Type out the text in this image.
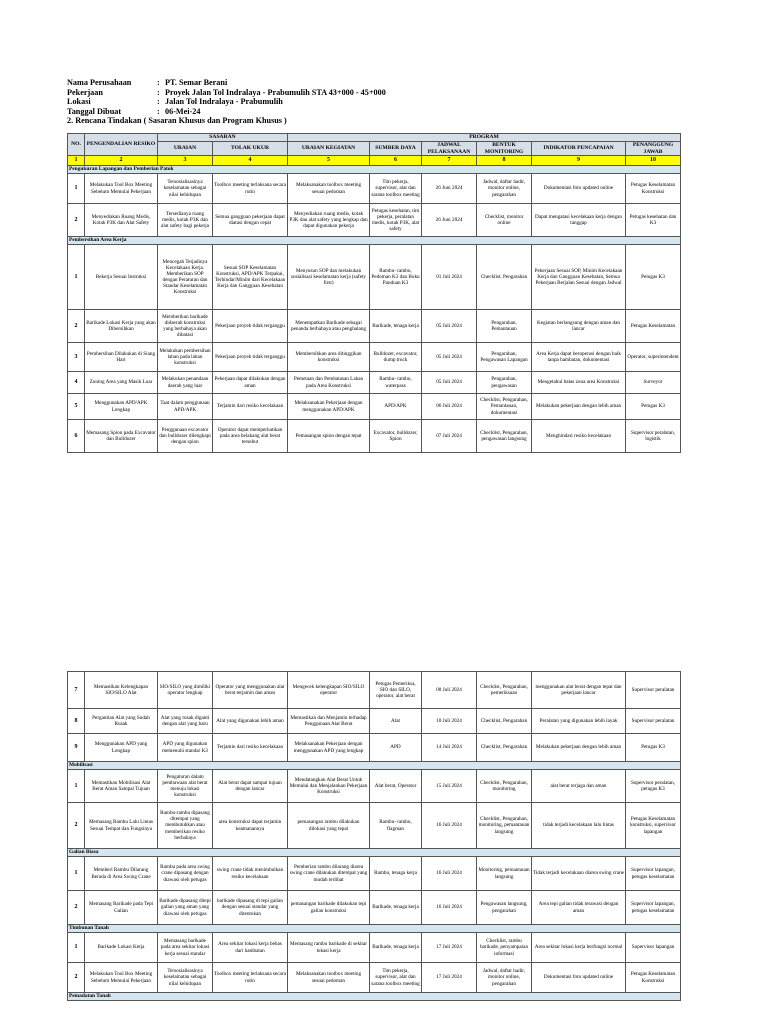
Nama Perusahaan	: PT. Semar Berani
Pekerjaan	: Proyek Jalan Tol Indralaya - Prabumulih STA 43+000 - 45+000
Lokasi	: Jalan Tol Indralaya - Prabumulih
Tanggal Dibuat	: 06-Mei-24
2. Rencana Tindakan ( Sasaran Khusus dan Program Khusus )
NO.	PENGENDALIAN RESIKO	SASARAN		PROGRAM					
		URAIAN	TOLAK UKUR	URAIAN KEGIATAN	SUMBER DAYA	JADWAL PELAKSANAAN	BENTUK MONITORING	INDIKATOR PENCAPAIAN	PENANGGUNG JAWAB
1	2	3	4	5	6	7	8	9	10
Pengukuran Lapangan dan Pemberian Patok									
1	Melakukan Tool Box Meeting Sebelum Memulai Pekerjaan	Tersosialisasinya keselamatan sebagai nilai kehidupan	Toolbox meeting terlaksana secara rutin	Melaksanakan toolbox meeting sesuai pedoman	Tim pekerja, supervisor, alat dan sarana toolbox meeting	26 Juni 2024	Jadwal, daftar hadir, monitor online, pengarahan	Dokumentasi foto updated online	Petugas Keselamatan Konstruksi
2	Menyediakan Ruang Medis, Kotak P3K dan Alat Safety	Tersedianya ruang medis, kotak P3K dan alat safety bagi pekerja	Semua gangguan pekerjaan dapat diatasi dengan cepat	Menyediakan ruang medis, kotak P3K dan alat safety yang lengkap dan dapat digunakan pekerja	Petugas kesehatan, tim pekerja, peralatan medis, kotak P3K, alat safety	26 Juni 2024	Checklist, monitor online	Dapat mengatasi kecelakaan kerja dengan tanggap	Petugas kesehatan dan K3
Pembersihan Area Kerja									
1	Bekerja Sesuai Instruksi	Mencegah Terjadinya Kecelakaan Kerja. Memberikan SOP dengan Peraturan dan Standar Keselamatan Konstruksi	Sesuai SOP Keselamatan Konstruksi, APD/APK Terpakai, Terhindar/Minim dari Kecelakaan Kerja dan Gangguan Kesehatan	Menyusun SOP dan melakukan sosialisasi keselamatan kerja (safety first)	Rambu- rambu, Pedoman K3 dan Buku Panduan K3	01 Juli 2024	Checklist, Pengarahan	Pekerjaan Sesuai SOP, Minim Kecelakaan Kerja dan Gangguan Kesehatan, Semua Pekerjaan Berjalan Sesuai dengan Jadwal	Petugas K3
2	Barikade Lokasi Kerja yang akan Dibersihkan	Memberikan barikade didaerah konstruksi yang berbahaya akan dibatasi	Pekerjaan proyek tidak terganggu	Menempatkan Barikade sebagai penanda berbahaya atau penghalang	Barikade, tenaga kerja	05 Juli 2024	Pengarahan, Pemantauan	Kegiatan berlangsung dengan aman dan lancar	Petugas Keselamatan
3	Pembersihan Dilakukan di Siang Hari	Melakukan pembersihan lahan pada lahan konstruksi	Pekerjaan proyek tidak terganggu	Membersihkan area ditinggikan konstruksi	Bulldozer, excavator, dump truck	05 Juli 2024	Pengarahan, Pengawasan Lapangan	Area Kerja dapat beroperasi dengan baik tanpa hambatan, dokumentasi	Operator, superintendent
4	Zoning Area yang Masih Luar	Melakukan penandaan daerah yang luar	Pekerjaan dapat dilakukan dengan aman	Pemetaan dan Pembatasan Lahan pada Area Konstruksi	Rambu- rambu, waterpass	05 Juli 2024	Pengarahan, pengawasan	Mengetahui batas zona area Konstruksi	Surveyor
5	Menggunakan APD/APK Lengkap	Taat dalam penggunaan APD/APK	Terjamin dari resiko kecelakaan	Melaksanakan Pekerjaan dengan menggunakan APD/APK	APD/APK	06 Juli 2024	Checklist, Pengarahan, Pemantauan, dokumentasi	Melakukan pekerjaan dengan lebih aman	Petugas K3
6	Memasang Spion pada Excavator dan Bulldozer	Penggunaan excavator dan bulldozer dilengkapi dengan spion	Operator dapat memperhatikan pada area belakang alat berat tersebut	Pemasangan spion dengan tepat	Excavator, bulldozer, Spion	07 Juli 2024	Checklist, Pengarahan, pengawasan langsung	Menghindari resiko kecelakaan	Supervisor peralatan, logistik
7	Memastikan Kelengkapan SIO/SILO Alat	SIO/SILO yang dimiliki operator lengkap	Operator yang menggunakan alat berat terjamin dan aman	Mengecek kelengkapan SIO/SILO operator	Petugas Pemeriksa, SIO dan SILO, operator, alat berat	08 Juli 2024	Checklist, Pengarahan, pemeriksaan	menggunakan alat berat dengan tepat dan pekerjaan lancar	Supervisor peralatan
8	Pergantian Alat yang Sudah Rusak	Alat yang rusak diganti dengan alat yang baru	Alat yang digunakan lebih aman	Memastikan dan Menjamin terhadap Penggunaan Alat Berat	Alat	10 Juli 2024	Checklist, Pengarahan	Peralatan yang digunakan lebih layak	Supervisor peralatan
9	Menggunakan APD yang Lengkap	APD yang digunakan memenuhi standar K3	Terjamin dari resiko kecelakaan	Melaksanakan Pekerjaan dengan menggunakan APD yang lengkap	APD	14 Juli 2024	Checklist, Pengarahan	Melakukan pekerjaan dengan lebih aman	Petugas K3
Mobilisasi									
1	Memastikan Mobilisasi Alat Berat Aman Sampai Tujuan	Pengaturan dalam pembawaan alat berat menuju lokasi konstruksi	Alat berat dapat sampai tujuan dengan lancar	Mendatangkan Alat Berat Untuk Memulai dan Menjalankan Pekerjaan Konstruksi	Alat berat, Operator	15 Juli 2024	Checklist, Pengarahan, monitoring	alat berat terjaga dan aman	Supervisor peralatan, petugas K3
2	Memasang Rambu Lalu Lintas Sesuai Tempat dan Fungsinya	Rambu-rambu dipasang ditempat yang membutuhkan atau memberikan resiko berbahaya	area konstruksi dapat terjamin keamanannya	pemasangan rambu dilakukan dilokasi yang tepat	Rambu- rambu, flagman	16 Juli 2024	Checklist, Pengarahan, monitoring, pemantauan langsung	tidak terjadi kecelakaan lalu lintas	Petugas Keselamatan konstruksi, supervisor lapangan
Galian Biasa									
1	Memberi Rambu Dilarang Berada di Area Swing Crane	Rambu pada area swing crane dipasang dengan diawasi oleh petugas	swing crane tidak menimbulkan resiko kecelakaan	Pemberian rambu dilarang diarea swing crane dilakukan ditempat yang mudah terlihat	Rambu, tenaga kerja	16 Juli 2024	Monitoring, pemantauan langsung	Tidak terjadi kecelakaan diarea swing crane	Supervisor lapangan, petugas keselamatan
2	Memasang Barikade pada Tepi Galian	Barikade dipasang ditepi galian yang aman yang diawasi oleh petugas	barikade dipasang di tepi galian dengan sesuai standar yang ditentukan	pemasangan barikade dilakukan tepi galian konstruksi	Barikade, tenaga kerja	16 Juli 2024	Pengawasan langsung, pengarahan	Area tepi galian tidak terawasi dengan aman	Supervisor lapangan, petugas keselamatan
Timbunan Tanah									
1	Barikade Lokasi Kerja	Memasang barikade pada area sekitar lokasi kerja sesuai standar	Area sekitar lokasi kerja bebas dari hambatan	Memasang rambu barikade di sekitar lokasi kerja	Barikade, tenaga kerja	17 Juli 2024	Checklist, rambu barikade, penyampaian informasi	Area sekitar lokasi kerja berfungsi normal	Supervisor lapangan
2	Melakukan Tool Box Meeting Sebelum Memulai Pekerjaan	Tersosialisasinya keselamatan sebagai nilai kehidupan	Toolbox meeting terlaksana secara rutin	Melaksanakan toolbox meeting sesuai pedoman	Tim pekerja, supervisor, alat dan sarana toolbox meeting	17 Juli 2024	Jadwal, daftar hadir, monitor online, pengarahan	Dokumentasi foto updated online	Petugas Keselamatan Konstruksi
Pemadatan Tanah									
